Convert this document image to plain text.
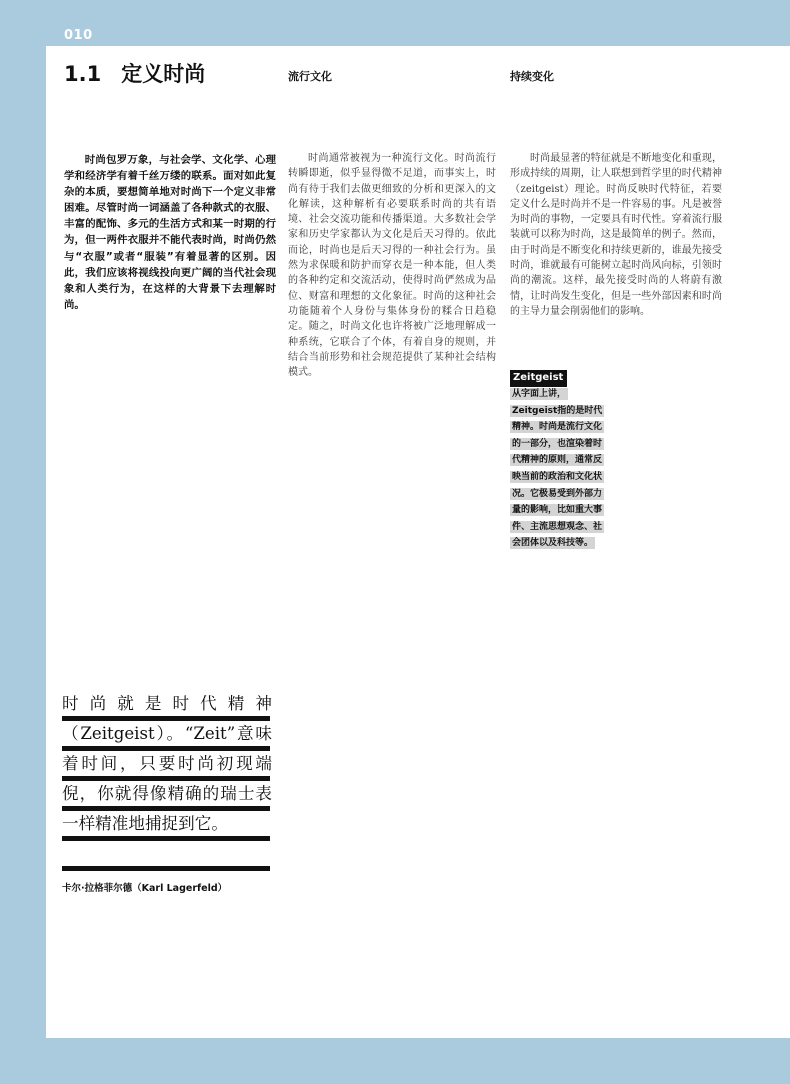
010
1.1 定义时尚	流行文化	持续变化

时尚包罗万象，与社会学、文化学、心理学和经济学有着千丝万缕的联系。面对如此复杂的本质，要想简单地对时尚下一个定义非常困难。尽管时尚一词涵盖了各种款式的衣服、丰富的配饰、多元的生活方式和某一时期的行为，但一两件衣服并不能代表时尚，时尚仍然与“衣服”或者“服装”有着显著的区别。因此，我们应该将视线投向更广阔的当代社会现象和人类行为，在这样的大背景下去理解时尚。

时尚通常被视为一种流行文化。时尚流行转瞬即逝，似乎显得微不足道，而事实上，时尚有待于我们去做更细致的分析和更深入的文化解读，这种解析有必要联系时尚的共有语境、社会交流功能和传播渠道。大多数社会学家和历史学家都认为文化是后天习得的。依此而论，时尚也是后天习得的一种社会行为。虽然为求保暖和防护而穿衣是一种本能，但人类的各种约定和交流活动，使得时尚俨然成为品位、财富和理想的文化象征。时尚的这种社会功能随着个人身份与集体身份的糅合日趋稳定。随之，时尚文化也许将被广泛地理解成一种系统，它联合了个体，有着自身的规则，并结合当前形势和社会规范提供了某种社会结构模式。

时尚最显著的特征就是不断地变化和重现，形成持续的周期，让人联想到哲学里的时代精神（zeitgeist）理论。时尚反映时代特征，若要定义什么是时尚并不是一件容易的事。凡是被誉为时尚的事物，一定要具有时代性。穿着流行服装就可以称为时尚，这是最简单的例子。然而，由于时尚是不断变化和持续更新的，谁最先接受时尚，谁就最有可能树立起时尚风向标，引领时尚的潮流。这样，最先接受时尚的人将蔚有激情，让时尚发生变化，但是一些外部因素和时尚的主导力量会削弱他们的影响。

Zeitgeist

从字面上讲，Zeitgeist指的是时代精神。时尚是流行文化的一部分，也渲染着时代精神的原则，通常反映当前的政治和文化状况。它极易受到外部力量的影响，比如重大事件、主流思想观念、社会团体以及科技等。

时尚就是时代精神（Zeitgeist）。“Zeit”意味着时间，只要时尚初现端倪，你就得像精确的瑞士表一样精准地捕捉到它。

卡尔·拉格菲尔德（Karl Lagerfeld）
